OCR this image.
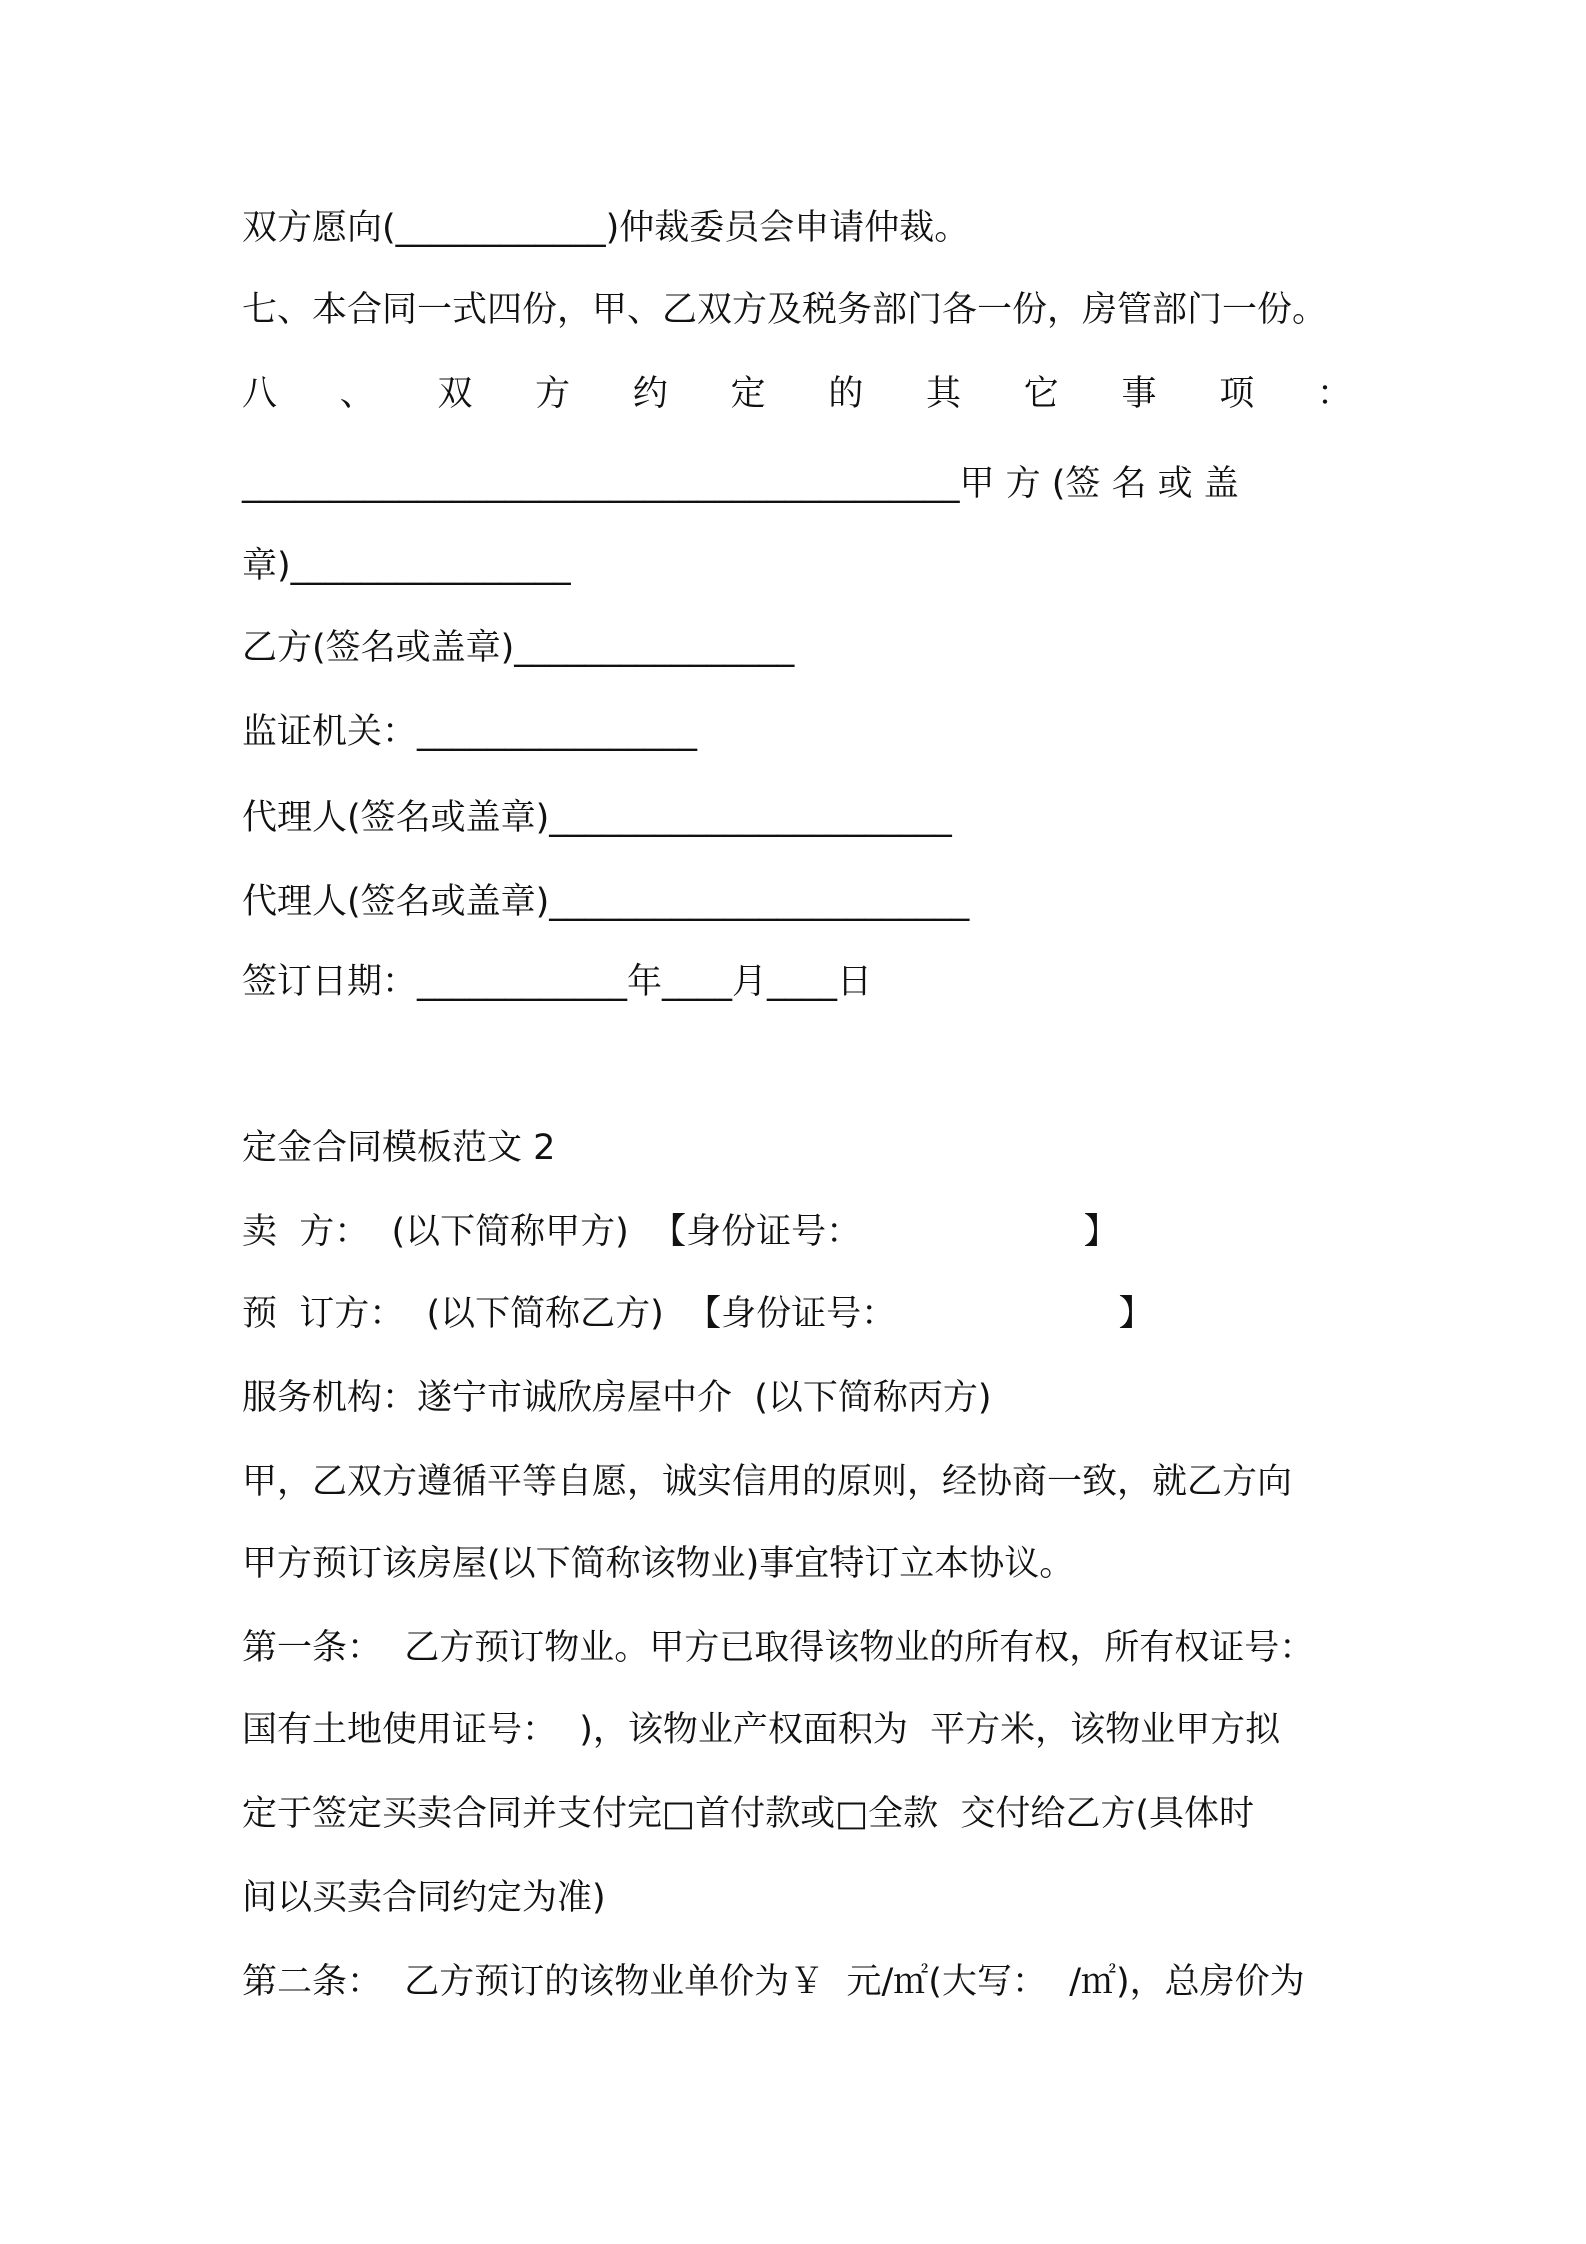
双方愿向(____________)仲裁委员会申请仲裁。
七、本合同一式四份，甲、乙双方及税务部门各一份，房管部门一份。
八 、 双 方 约 定 的 其 它 事 项 ：
_________________________________________甲 方 (签 名 或 盖
章)________________
乙方(签名或盖章)________________
监证机关：________________
代理人(签名或盖章)_______________________
代理人(签名或盖章)________________________
签订日期：____________年____月____日
定金合同模板范文 2
卖  方：  (以下简称甲方)  【身份证号：                    】
预  订方：  (以下简称乙方)  【身份证号：                    】
服务机构：遂宁市诚欣房屋中介  (以下简称丙方)
甲，乙双方遵循平等自愿，诚实信用的原则，经协商一致，就乙方向
甲方预订该房屋(以下简称该物业)事宜特订立本协议。
第一条：  乙方预订物业。甲方已取得该物业的所有权，所有权证号：
国有土地使用证号：  )，该物业产权面积为  平方米，该物业甲方拟
定于签定买卖合同并支付完□首付款或□全款  交付给乙方(具体时
间以买卖合同约定为准)
第二条：  乙方预订的该物业单价为￥  元/㎡(大写：  /㎡)，总房价为
